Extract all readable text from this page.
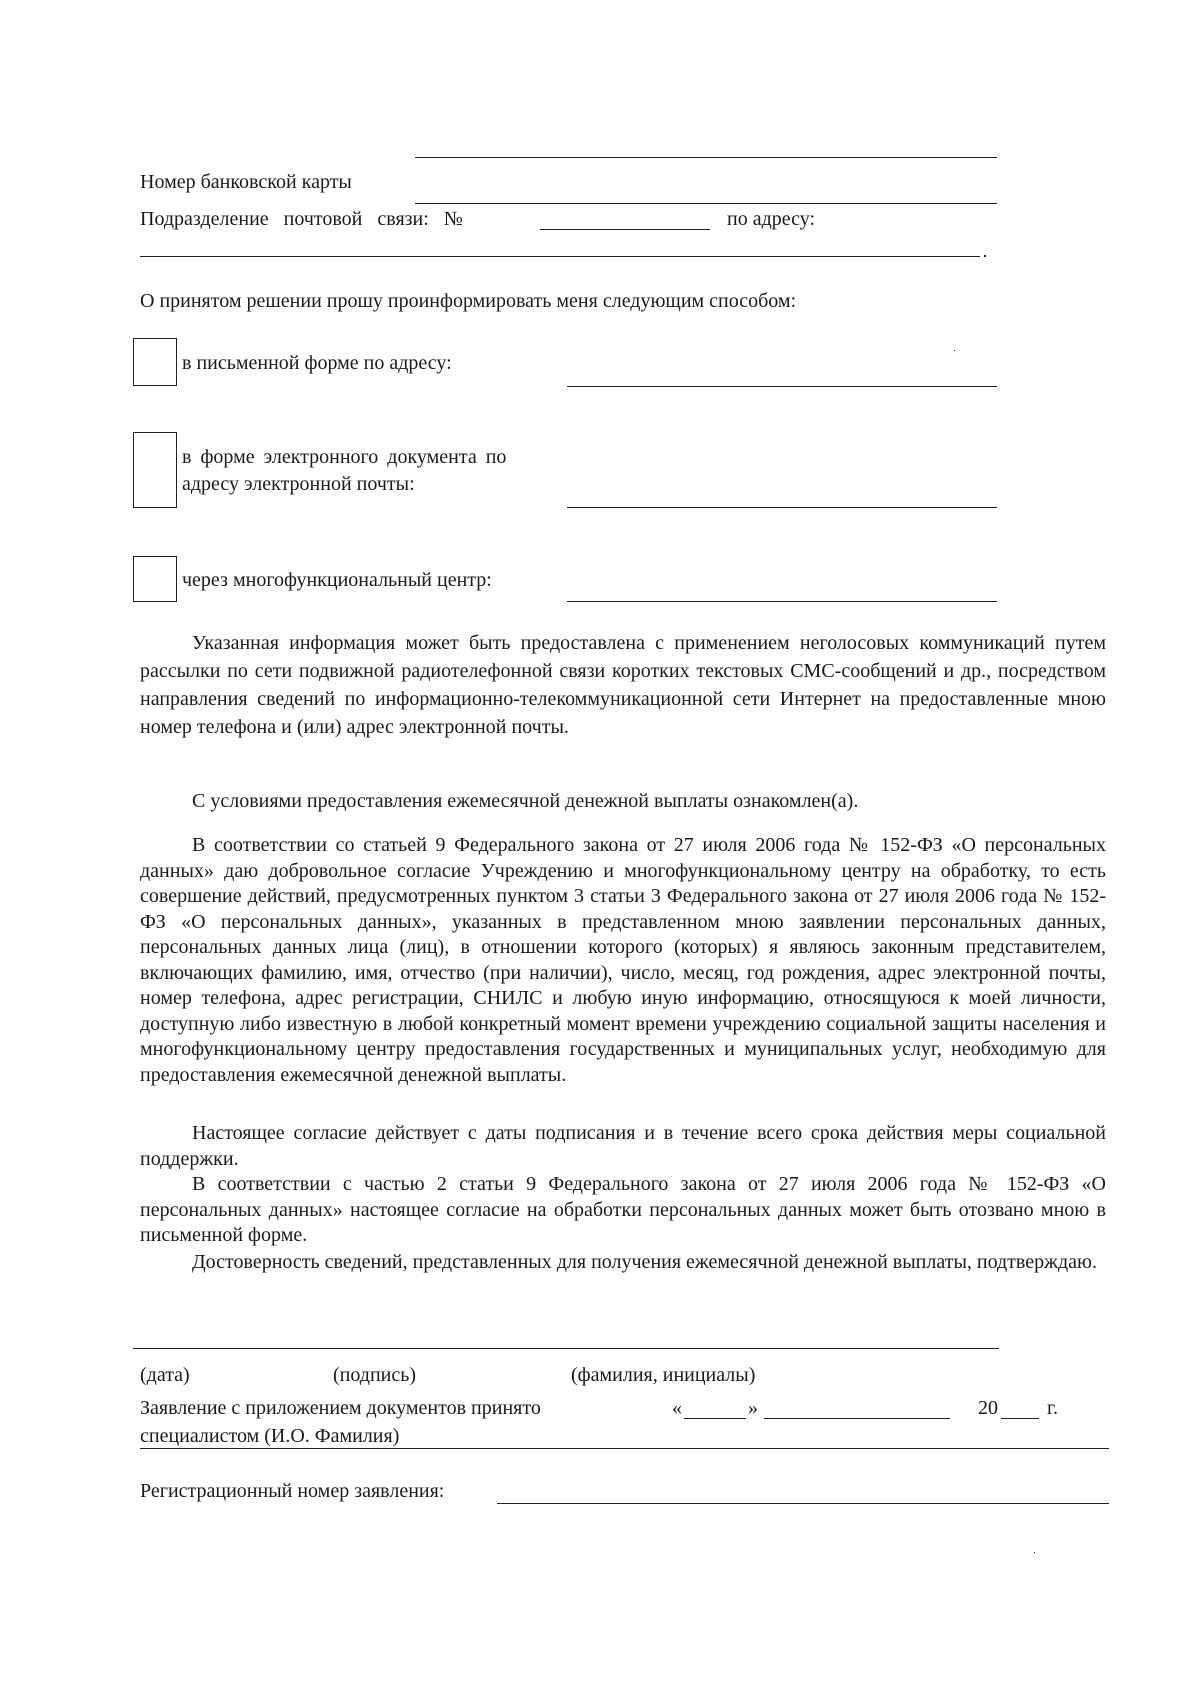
Номер банковской карты
Подразделение почтовой связи: №	по адресу:
О принятом решении прошу проинформировать меня следующим способом:
в письменной форме по адресу:
в форме электронного документа по
адресу электронной почты:
через многофункциональный центр:

Указанная информация может быть предоставлена с применением неголосовых коммуникаций путем рассылки по сети подвижной радиотелефонной связи коротких текстовых СМС-сообщений и др., посредством направления сведений по информационно-телекоммуникационной сети Интернет на предоставленные мною номер телефона и (или) адрес электронной почты.

С условиями предоставления ежемесячной денежной выплаты ознакомлен(а).

В соответствии со статьей 9 Федерального закона от 27 июля 2006 года № 152-ФЗ «О персональных данных» даю добровольное согласие Учреждению и многофункциональному центру на обработку, то есть совершение действий, предусмотренных пунктом 3 статьи 3 Федерального закона от 27 июля 2006 года № 152-ФЗ «О персональных данных», указанных в представленном мною заявлении персональных данных, персональных данных лица (лиц), в отношении которого (которых) я являюсь законным представителем, включающих фамилию, имя, отчество (при наличии), число, месяц, год рождения, адрес электронной почты, номер телефона, адрес регистрации, СНИЛС и любую иную информацию, относящуюся к моей личности, доступную либо известную в любой конкретный момент времени учреждению социальной защиты населения и многофункциональному центру предоставления государственных и муниципальных услуг, необходимую для предоставления ежемесячной денежной выплаты.

Настоящее согласие действует с даты подписания и в течение всего срока действия меры социальной поддержки.

В соответствии с частью 2 статьи 9 Федерального закона от 27 июля 2006 года № 152-ФЗ «О персональных данных» настоящее согласие на обработки персональных данных может быть отозвано мною в письменной форме.

Достоверность сведений, представленных для получения ежемесячной денежной выплаты, подтверждаю.

(дата)	(подпись)	(фамилия, инициалы)
Заявление с приложением документов принято
специалистом (И.О. Фамилия)
«	»	20 г.
Регистрационный номер заявления:
